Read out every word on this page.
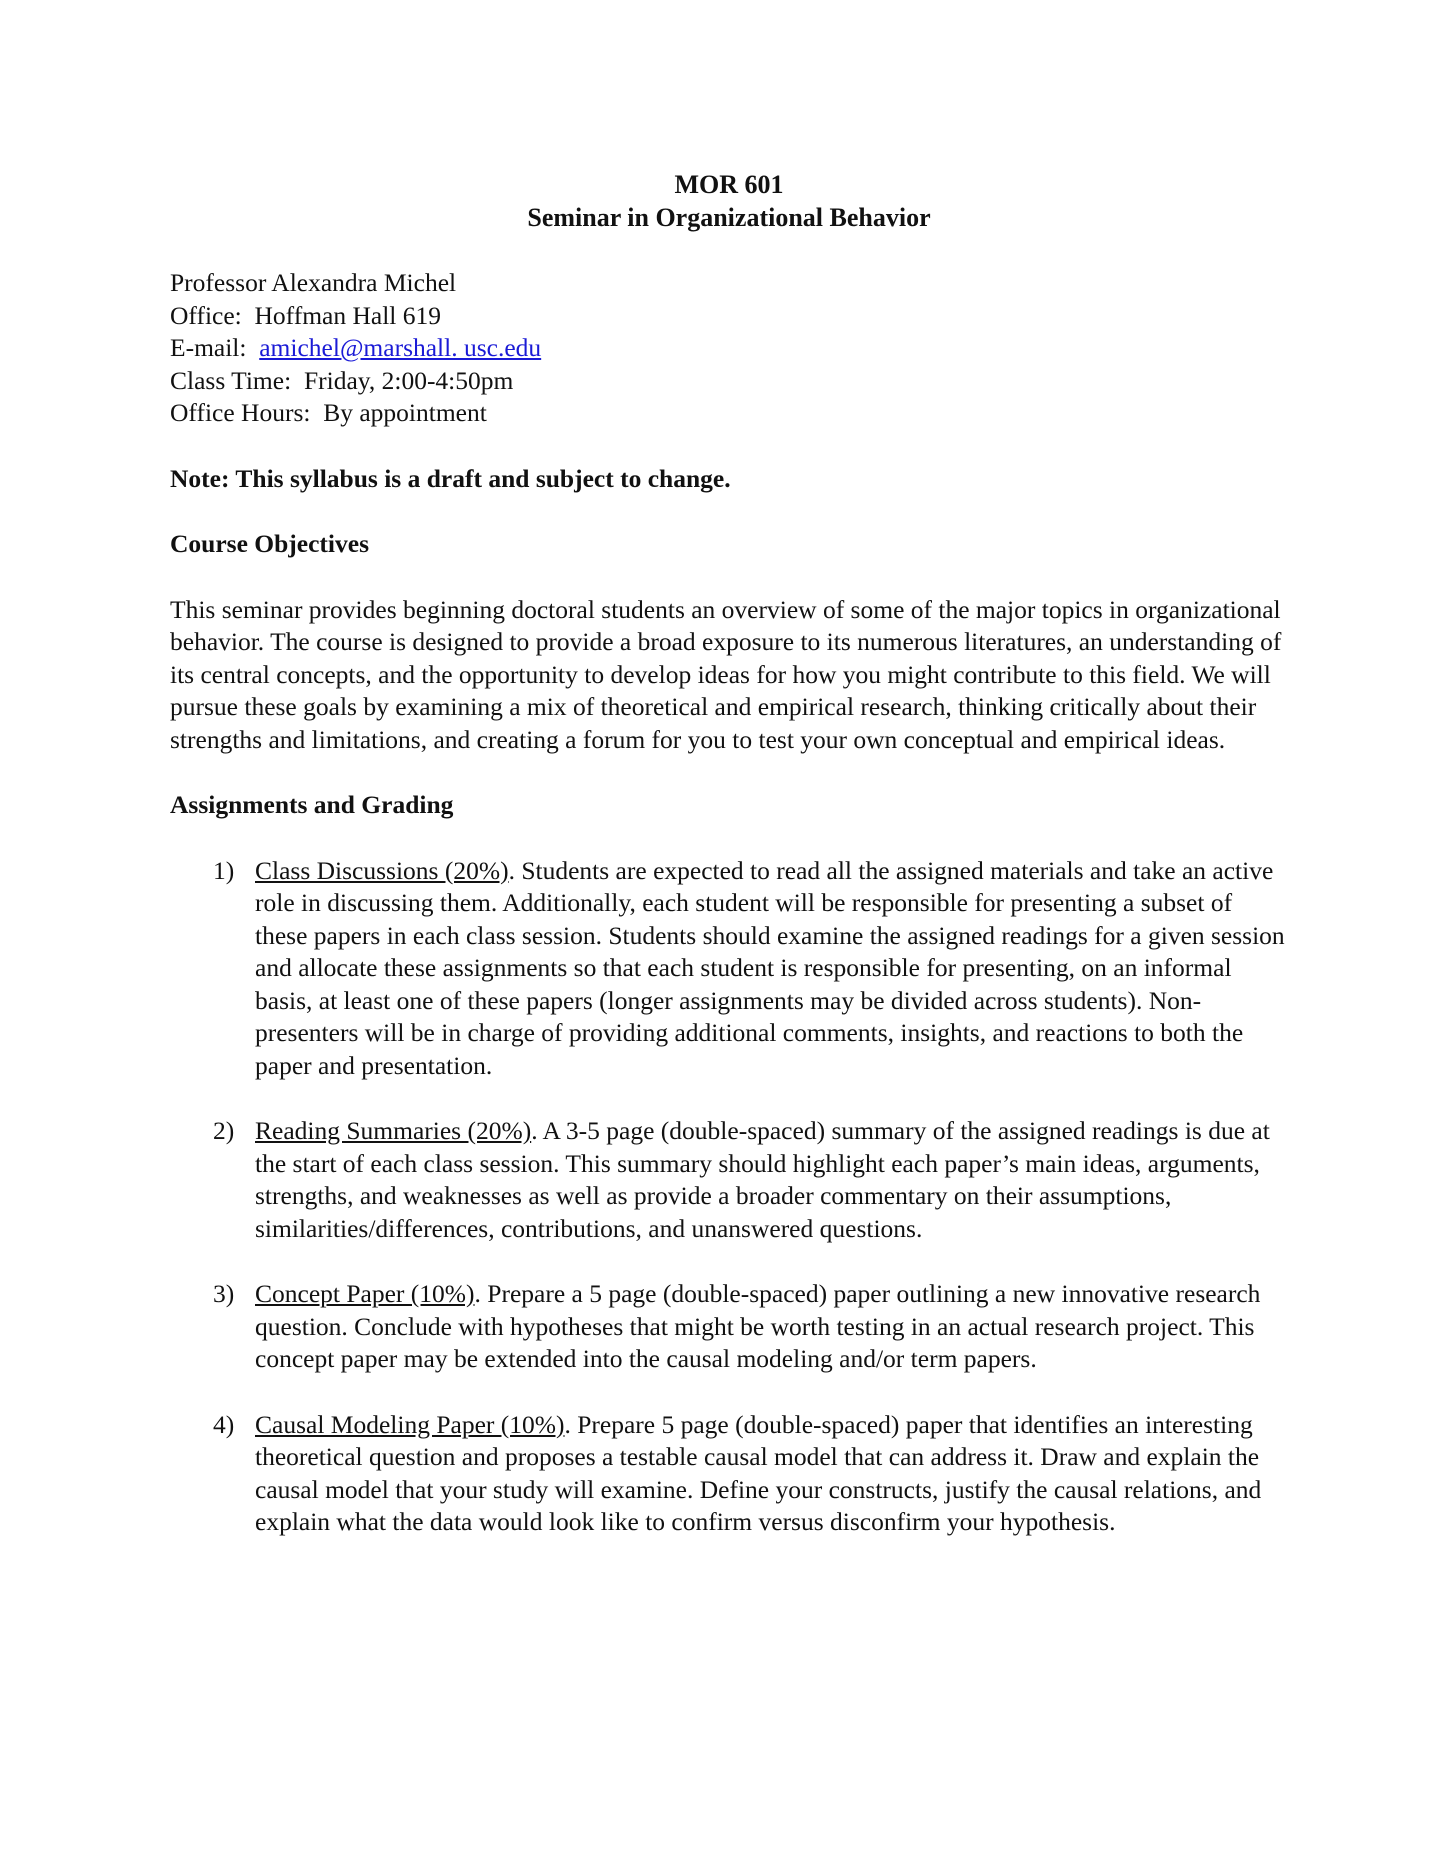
MOR 601
Seminar in Organizational Behavior
Professor Alexandra Michel
Office: Hoffman Hall 619
E-mail: amichel@marshall. usc.edu
Class Time: Friday, 2:00-4:50pm
Office Hours: By appointment
Note: This syllabus is a draft and subject to change.
Course Objectives
This seminar provides beginning doctoral students an overview of some of the major topics in organizational behavior. The course is designed to provide a broad exposure to its numerous literatures, an understanding of its central concepts, and the opportunity to develop ideas for how you might contribute to this field. We will pursue these goals by examining a mix of theoretical and empirical research, thinking critically about their strengths and limitations, and creating a forum for you to test your own conceptual and empirical ideas.
Assignments and Grading
1) Class Discussions (20%). Students are expected to read all the assigned materials and take an active role in discussing them. Additionally, each student will be responsible for presenting a subset of these papers in each class session. Students should examine the assigned readings for a given session and allocate these assignments so that each student is responsible for presenting, on an informal basis, at least one of these papers (longer assignments may be divided across students). Non-presenters will be in charge of providing additional comments, insights, and reactions to both the paper and presentation.
2) Reading Summaries (20%). A 3-5 page (double-spaced) summary of the assigned readings is due at the start of each class session. This summary should highlight each paper’s main ideas, arguments, strengths, and weaknesses as well as provide a broader commentary on their assumptions, similarities/differences, contributions, and unanswered questions.
3) Concept Paper (10%). Prepare a 5 page (double-spaced) paper outlining a new innovative research question. Conclude with hypotheses that might be worth testing in an actual research project. This concept paper may be extended into the causal modeling and/or term papers.
4) Causal Modeling Paper (10%). Prepare 5 page (double-spaced) paper that identifies an interesting theoretical question and proposes a testable causal model that can address it. Draw and explain the causal model that your study will examine. Define your constructs, justify the causal relations, and explain what the data would look like to confirm versus disconfirm your hypothesis.
